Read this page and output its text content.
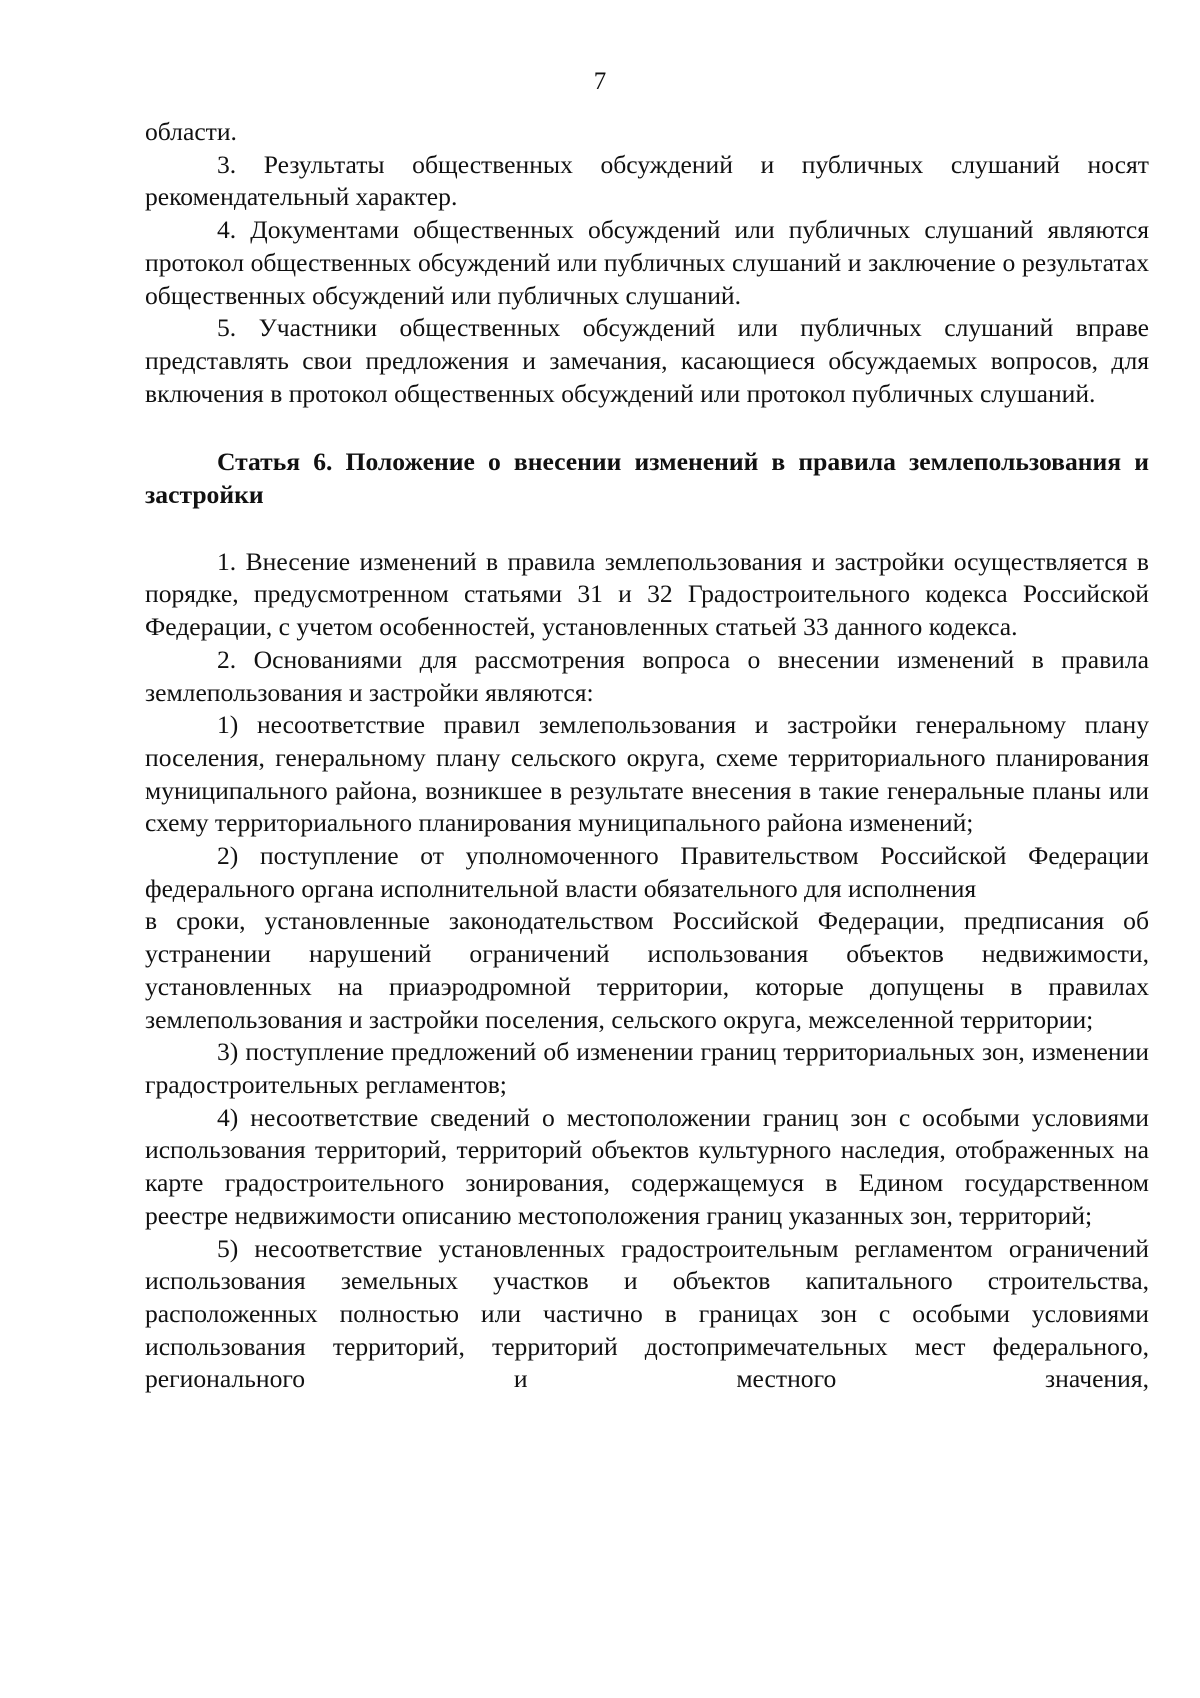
7

области.

3. Результаты общественных обсуждений и публичных слушаний носят рекомендательный характер.

4. Документами общественных обсуждений или публичных слушаний являются протокол общественных обсуждений или публичных слушаний и заключение о результатах общественных обсуждений или публичных слушаний.

5. Участники общественных обсуждений или публичных слушаний вправе представлять свои предложения и замечания, касающиеся обсуждаемых вопросов, для включения в протокол общественных обсуждений или протокол публичных слушаний.

Статья 6. Положение о внесении изменений в правила землепользования и застройки

1. Внесение изменений в правила землепользования и застройки осуществляется в порядке, предусмотренном статьями 31 и 32 Градостроительного кодекса Российской Федерации, с учетом особенностей, установленных статьей 33 данного кодекса.

2. Основаниями для рассмотрения вопроса о внесении изменений в правила землепользования и застройки являются:

1) несоответствие правил землепользования и застройки генеральному плану поселения, генеральному плану сельского округа, схеме территориального планирования муниципального района, возникшее в результате внесения в такие генеральные планы или схему территориального планирования муниципального района изменений;

2) поступление от уполномоченного Правительством Российской Федерации федерального органа исполнительной власти обязательного для исполнения

в сроки, установленные законодательством Российской Федерации, предписания об устранении нарушений ограничений использования объектов недвижимости, установленных на приаэродромной территории, которые допущены в правилах землепользования и застройки поселения, сельского округа, межселенной территории;

3) поступление предложений об изменении границ территориальных зон, изменении градостроительных регламентов;

4) несоответствие сведений о местоположении границ зон с особыми условиями использования территорий, территорий объектов культурного наследия, отображенных на карте градостроительного зонирования, содержащемуся в Едином государственном реестре недвижимости описанию местоположения границ указанных зон, территорий;

5) несоответствие установленных градостроительным регламентом ограничений использования земельных участков и объектов капитального строительства, расположенных полностью или частично в границах зон с особыми условиями использования территорий, территорий достопримечательных мест федерального, регионального и местного значения,
